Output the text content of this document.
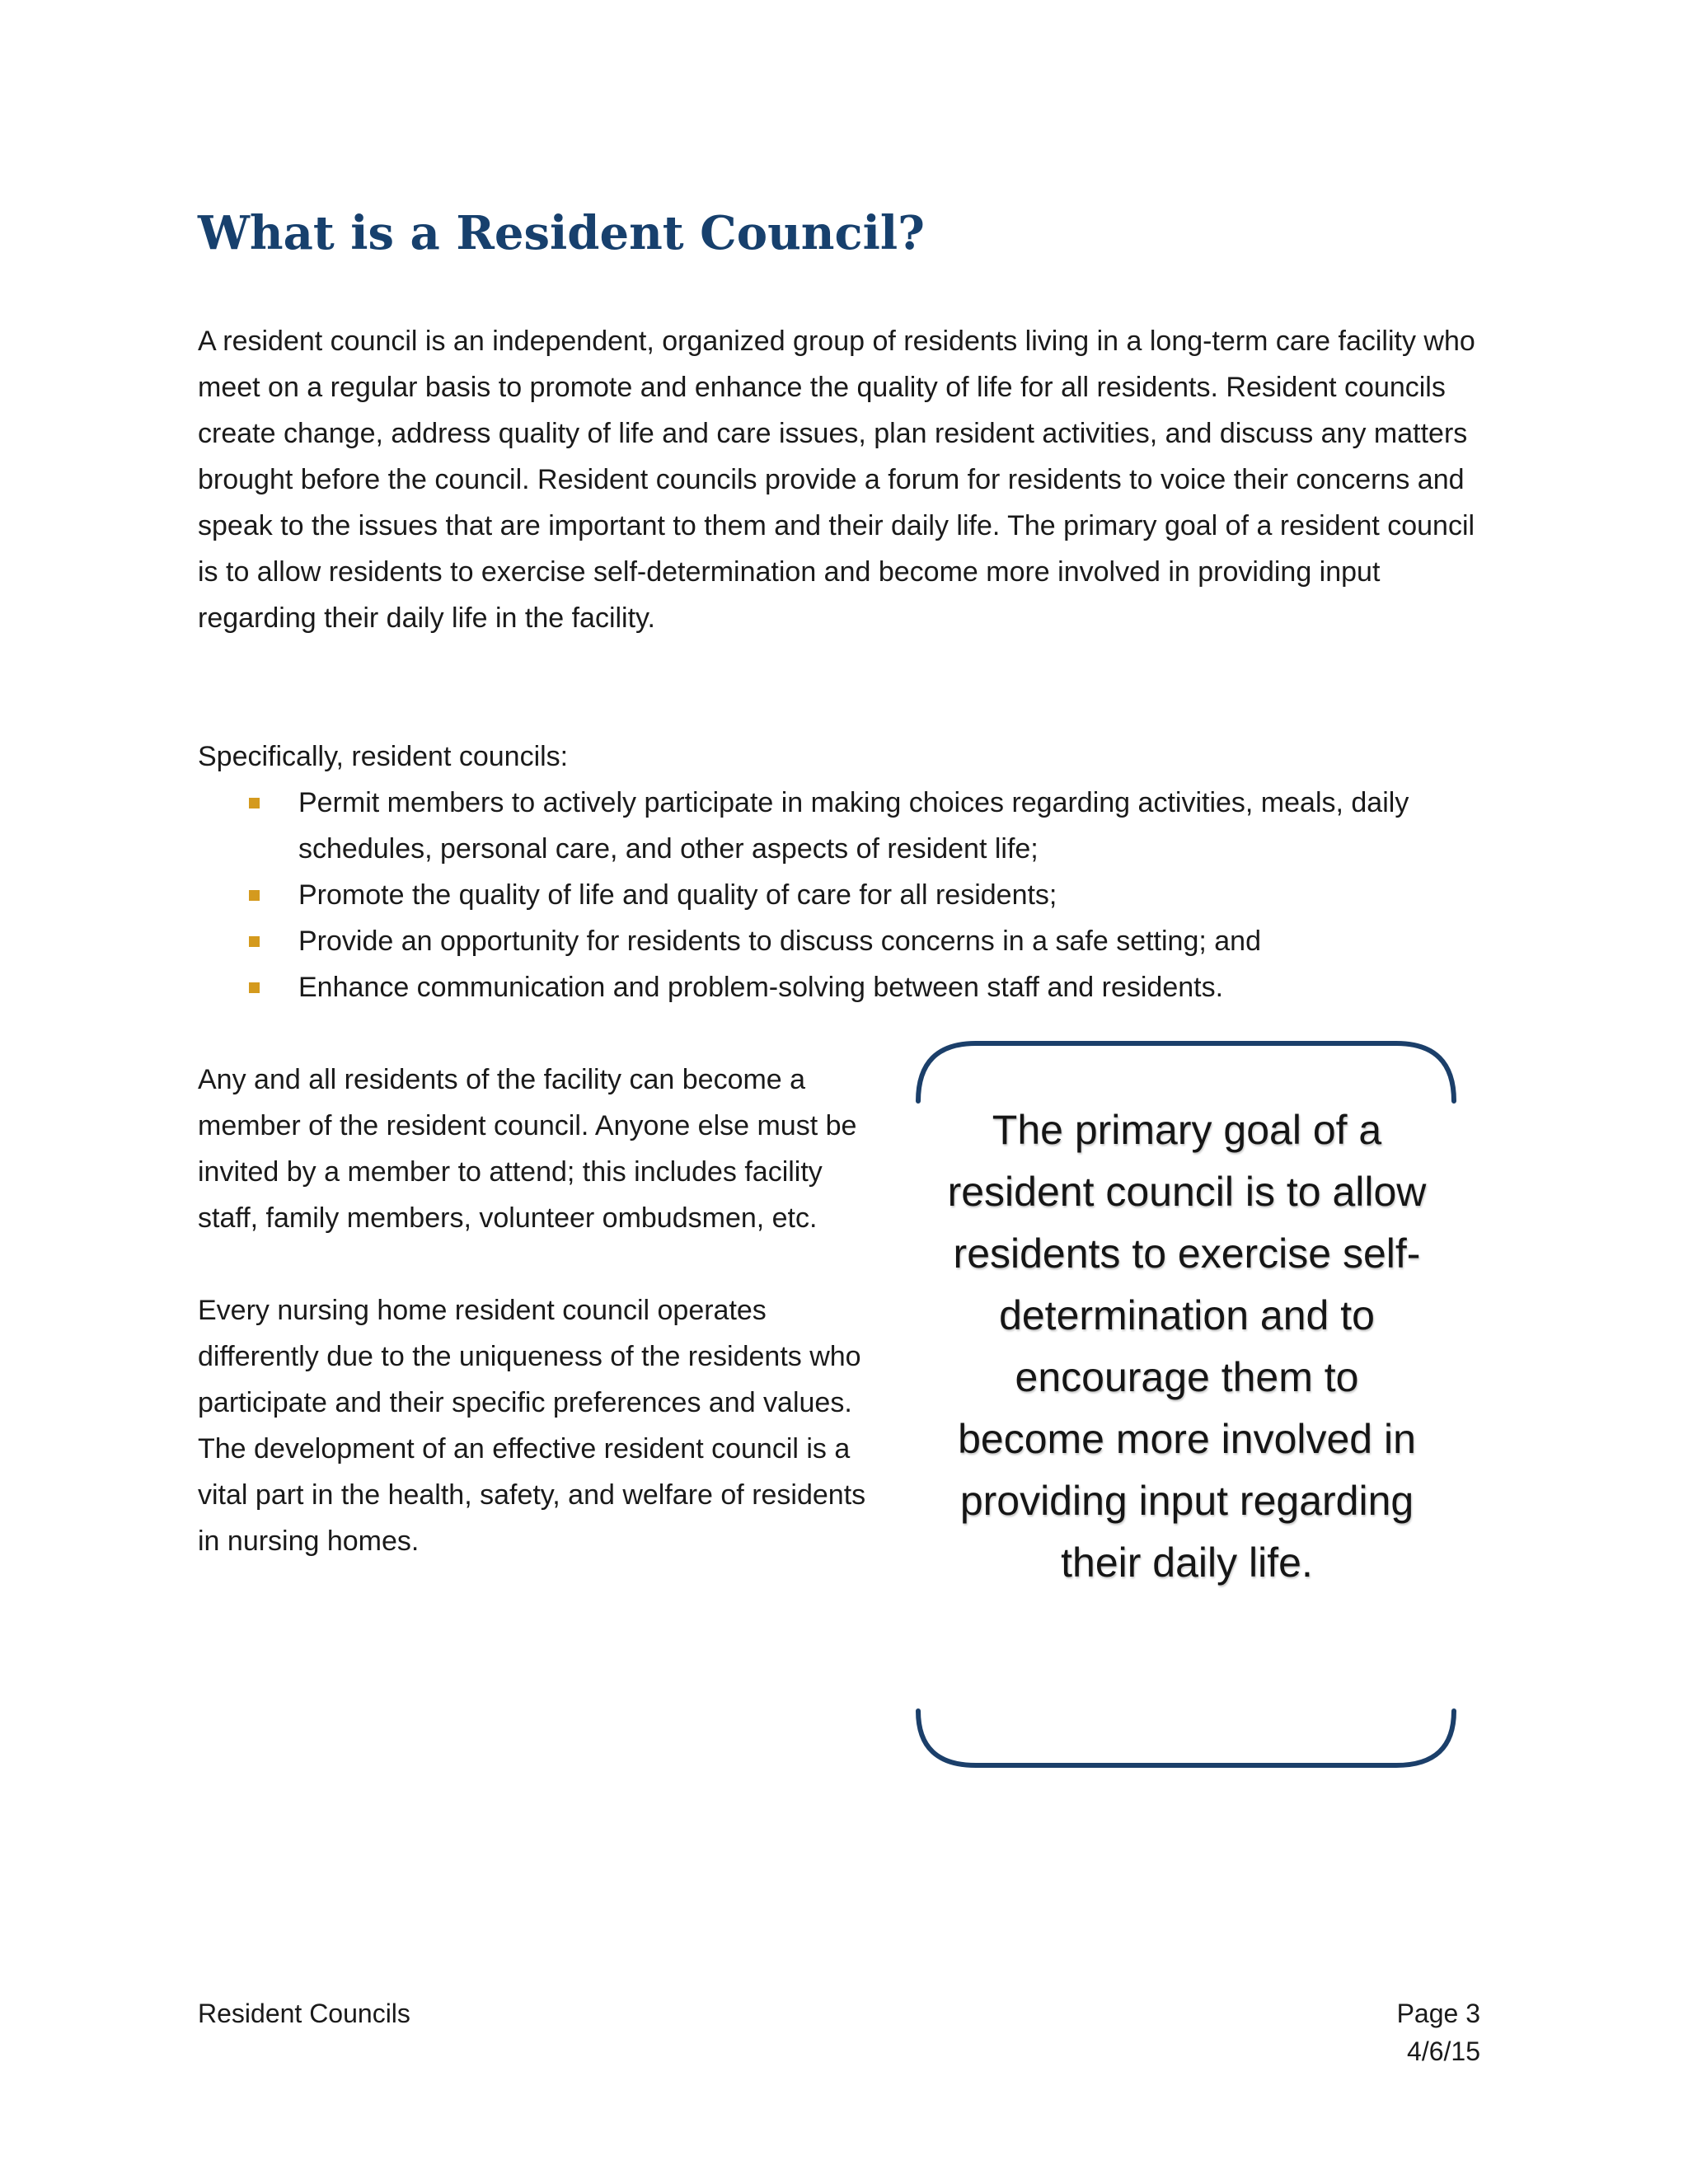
What is a Resident Council?

A resident council is an independent, organized group of residents living in a long-term care facility who meet on a regular basis to promote and enhance the quality of life for all residents. Resident councils create change, address quality of life and care issues, plan resident activities, and discuss any matters brought before the council. Resident councils provide a forum for residents to voice their concerns and speak to the issues that are important to them and their daily life. The primary goal of a resident council is to allow residents to exercise self-determination and become more involved in providing input regarding their daily life in the facility.

Specifically, resident councils:

Permit members to actively participate in making choices regarding activities, meals, daily schedules, personal care, and other aspects of resident life;
Promote the quality of life and quality of care for all residents;
Provide an opportunity for residents to discuss concerns in a safe setting; and
Enhance communication and problem-solving between staff and residents.

Any and all residents of the facility can become a member of the resident council. Anyone else must be invited by a member to attend; this includes facility staff, family members, volunteer ombudsmen, etc.

Every nursing home resident council operates differently due to the uniqueness of the residents who participate and their specific preferences and values. The development of an effective resident council is a vital part in the health, safety, and welfare of residents in nursing homes.

The primary goal of a resident council is to allow residents to exercise self-determination and to encourage them to become more involved in providing input regarding their daily life.

Resident Councils	Page 3
4/6/15
